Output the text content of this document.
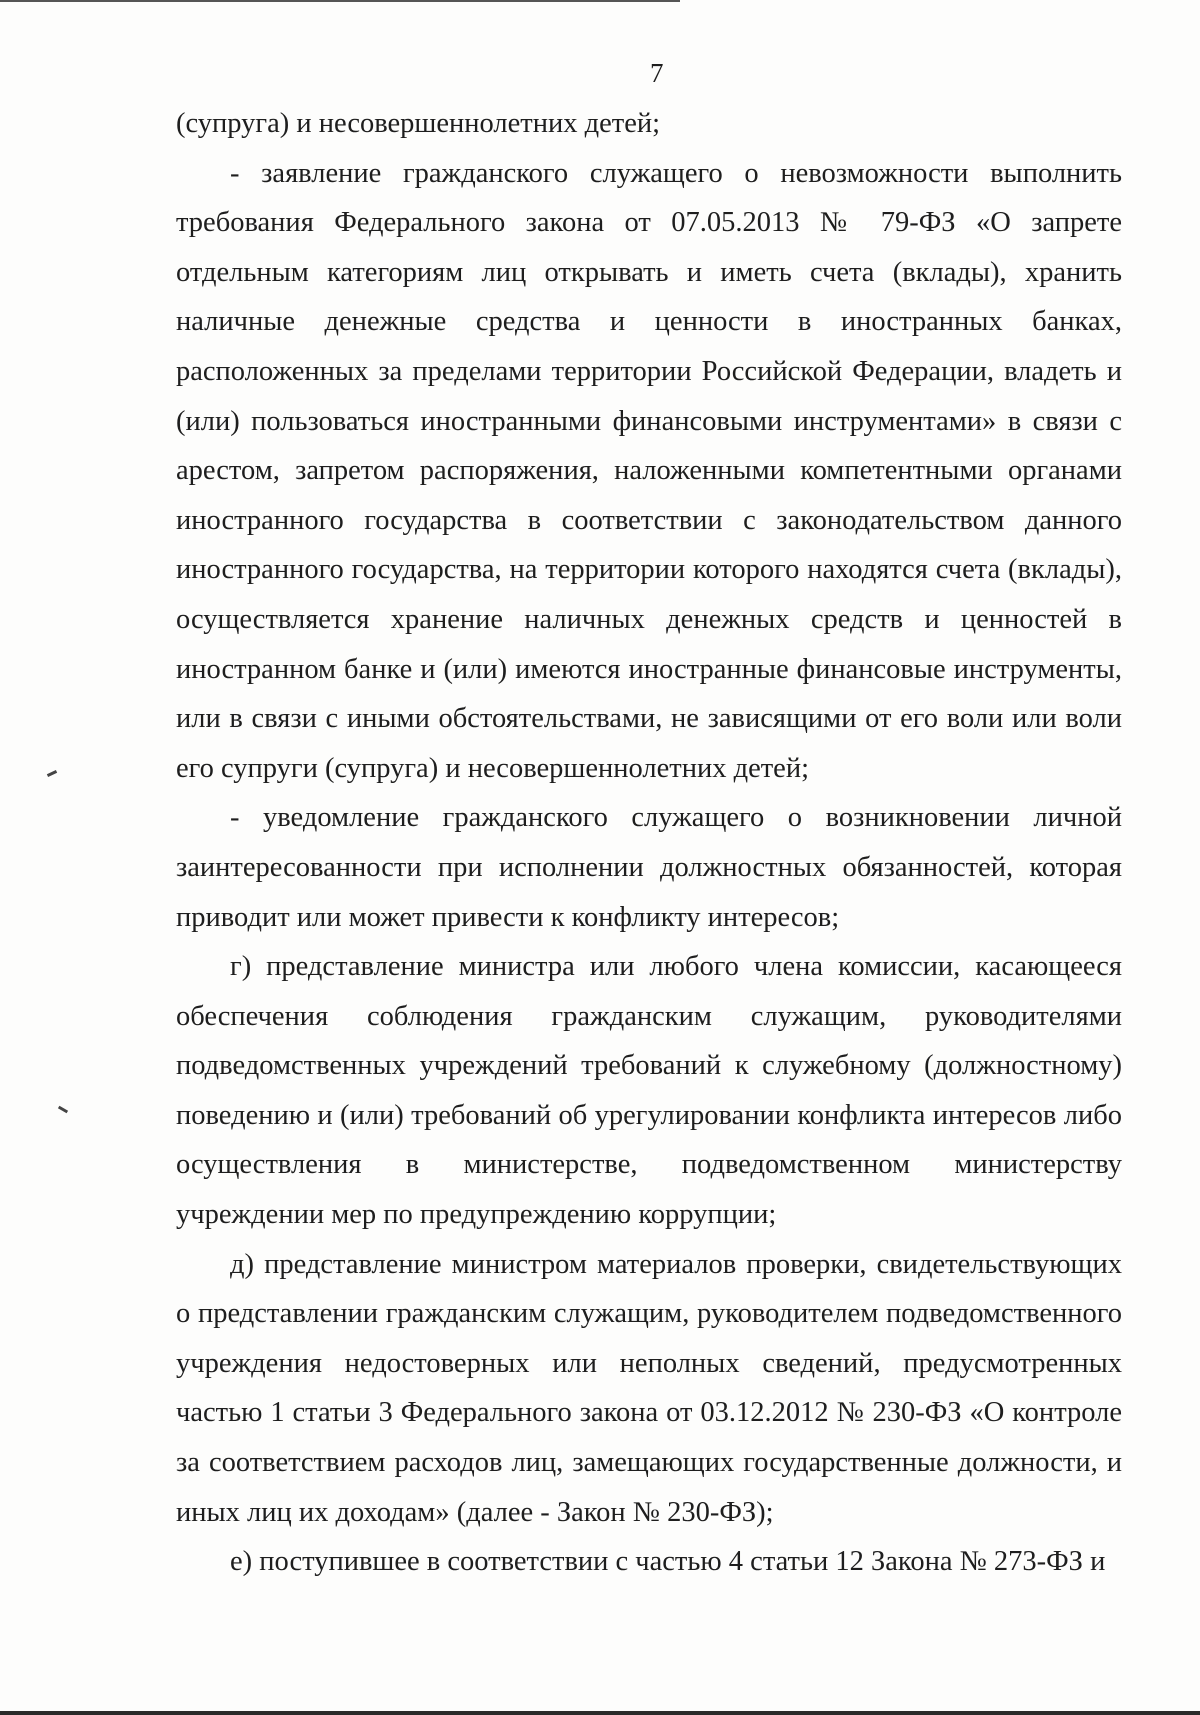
7

(супруга) и несовершеннолетних детей;

- заявление гражданского служащего о невозможности выполнить требования Федерального закона от 07.05.2013 № 79-ФЗ «О запрете отдельным категориям лиц открывать и иметь счета (вклады), хранить наличные денежные средства и ценности в иностранных банках, расположенных за пределами территории Российской Федерации, владеть и (или) пользоваться иностранными финансовыми инструментами» в связи с арестом, запретом распоряжения, наложенными компетентными органами иностранного государства в соответствии с законодательством данного иностранного государства, на территории которого находятся счета (вклады), осуществляется хранение наличных денежных средств и ценностей в иностранном банке и (или) имеются иностранные финансовые инструменты, или в связи с иными обстоятельствами, не зависящими от его воли или воли его супруги (супруга) и несовершеннолетних детей;

- уведомление гражданского служащего о возникновении личной заинтересованности при исполнении должностных обязанностей, которая приводит или может привести к конфликту интересов;

г) представление министра или любого члена комиссии, касающееся обеспечения соблюдения гражданским служащим, руководителями подведомственных учреждений требований к служебному (должностному) поведению и (или) требований об урегулировании конфликта интересов либо осуществления в министерстве, подведомственном министерству учреждении мер по предупреждению коррупции;

д) представление министром материалов проверки, свидетельствующих о представлении гражданским служащим, руководителем подведомственного учреждения недостоверных или неполных сведений, предусмотренных частью 1 статьи 3 Федерального закона от 03.12.2012 № 230-ФЗ «О контроле за соответствием расходов лиц, замещающих государственные должности, и иных лиц их доходам» (далее - Закон № 230-ФЗ);

е) поступившее в соответствии с частью 4 статьи 12 Закона № 273-ФЗ и
